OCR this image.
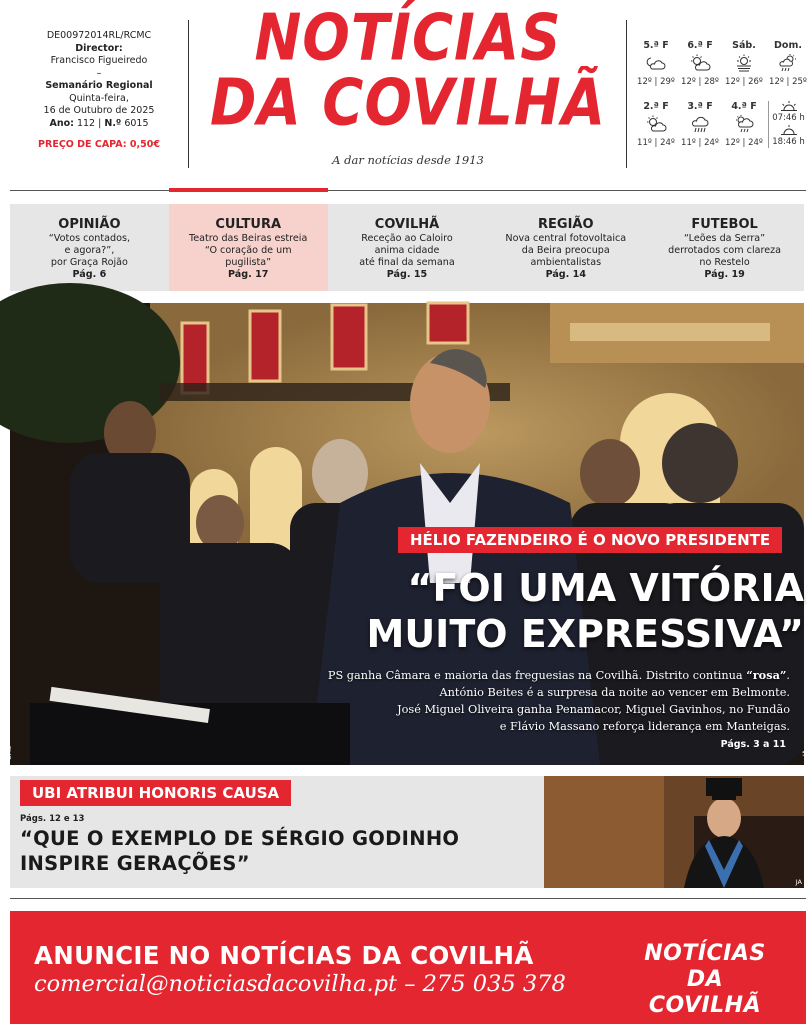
DE00972014RL/RCMC
Director:
Francisco Figueiredo
–
Semanário Regional
Quinta-feira,
16 de Outubro de 2025
Ano: 112 | N.º 6015
PREÇO DE CAPA: 0,50€
NOTÍCIAS
DA COVILHÃ
A dar notícias desde 1913
5.ª F
12º | 29º
6.ª F
12º | 28º
Sáb.
12º | 26º
Dom.
12º | 25º
2.ª F
11º | 24º
3.ª F
11º | 24º
4.ª F
12º | 24º
07:46 h
18:46 h
OPINIÃO
“Votos contados,
e agora?”,
por Graça Rojão
Pág. 6
CULTURA
Teatro das Beiras estreia
“O coração de um
pugilista”
Pág. 17
COVILHÃ
Receção ao Caloiro
anima cidade
até final da semana
Pág. 15
REGIÃO
Nova central fotovoltaica
da Beira preocupa
ambientalistas
Pág. 14
FUTEBOL
“Leões da Serra”
derrotados com clareza
no Restelo
Pág. 19
HÉLIO FAZENDEIRO É O NOVO PRESIDENTE
“FOI UMA VITÓRIA
MUITO EXPRESSIVA”
PS ganha Câmara e maioria das freguesias na Covilhã. Distrito continua “rosa”.
António Beites é a surpresa da noite ao vencer em Belmonte.
José Miguel Oliveira ganha Penamacor, Miguel Gavinhos, no Fundão
e Flávio Massano reforça liderança em Manteigas.
Págs. 3 a 11
CMS	JA
UBI ATRIBUI HONORIS CAUSA
Págs. 12 e 13
“QUE O EXEMPLO DE SÉRGIO GODINHO
INSPIRE GERAÇÕES”
JA
ANUNCIE NO NOTÍCIAS DA COVILHÃ
comercial@noticiasdacovilha.pt – 275 035 378
NOTÍCIAS
DA COVILHÃ
